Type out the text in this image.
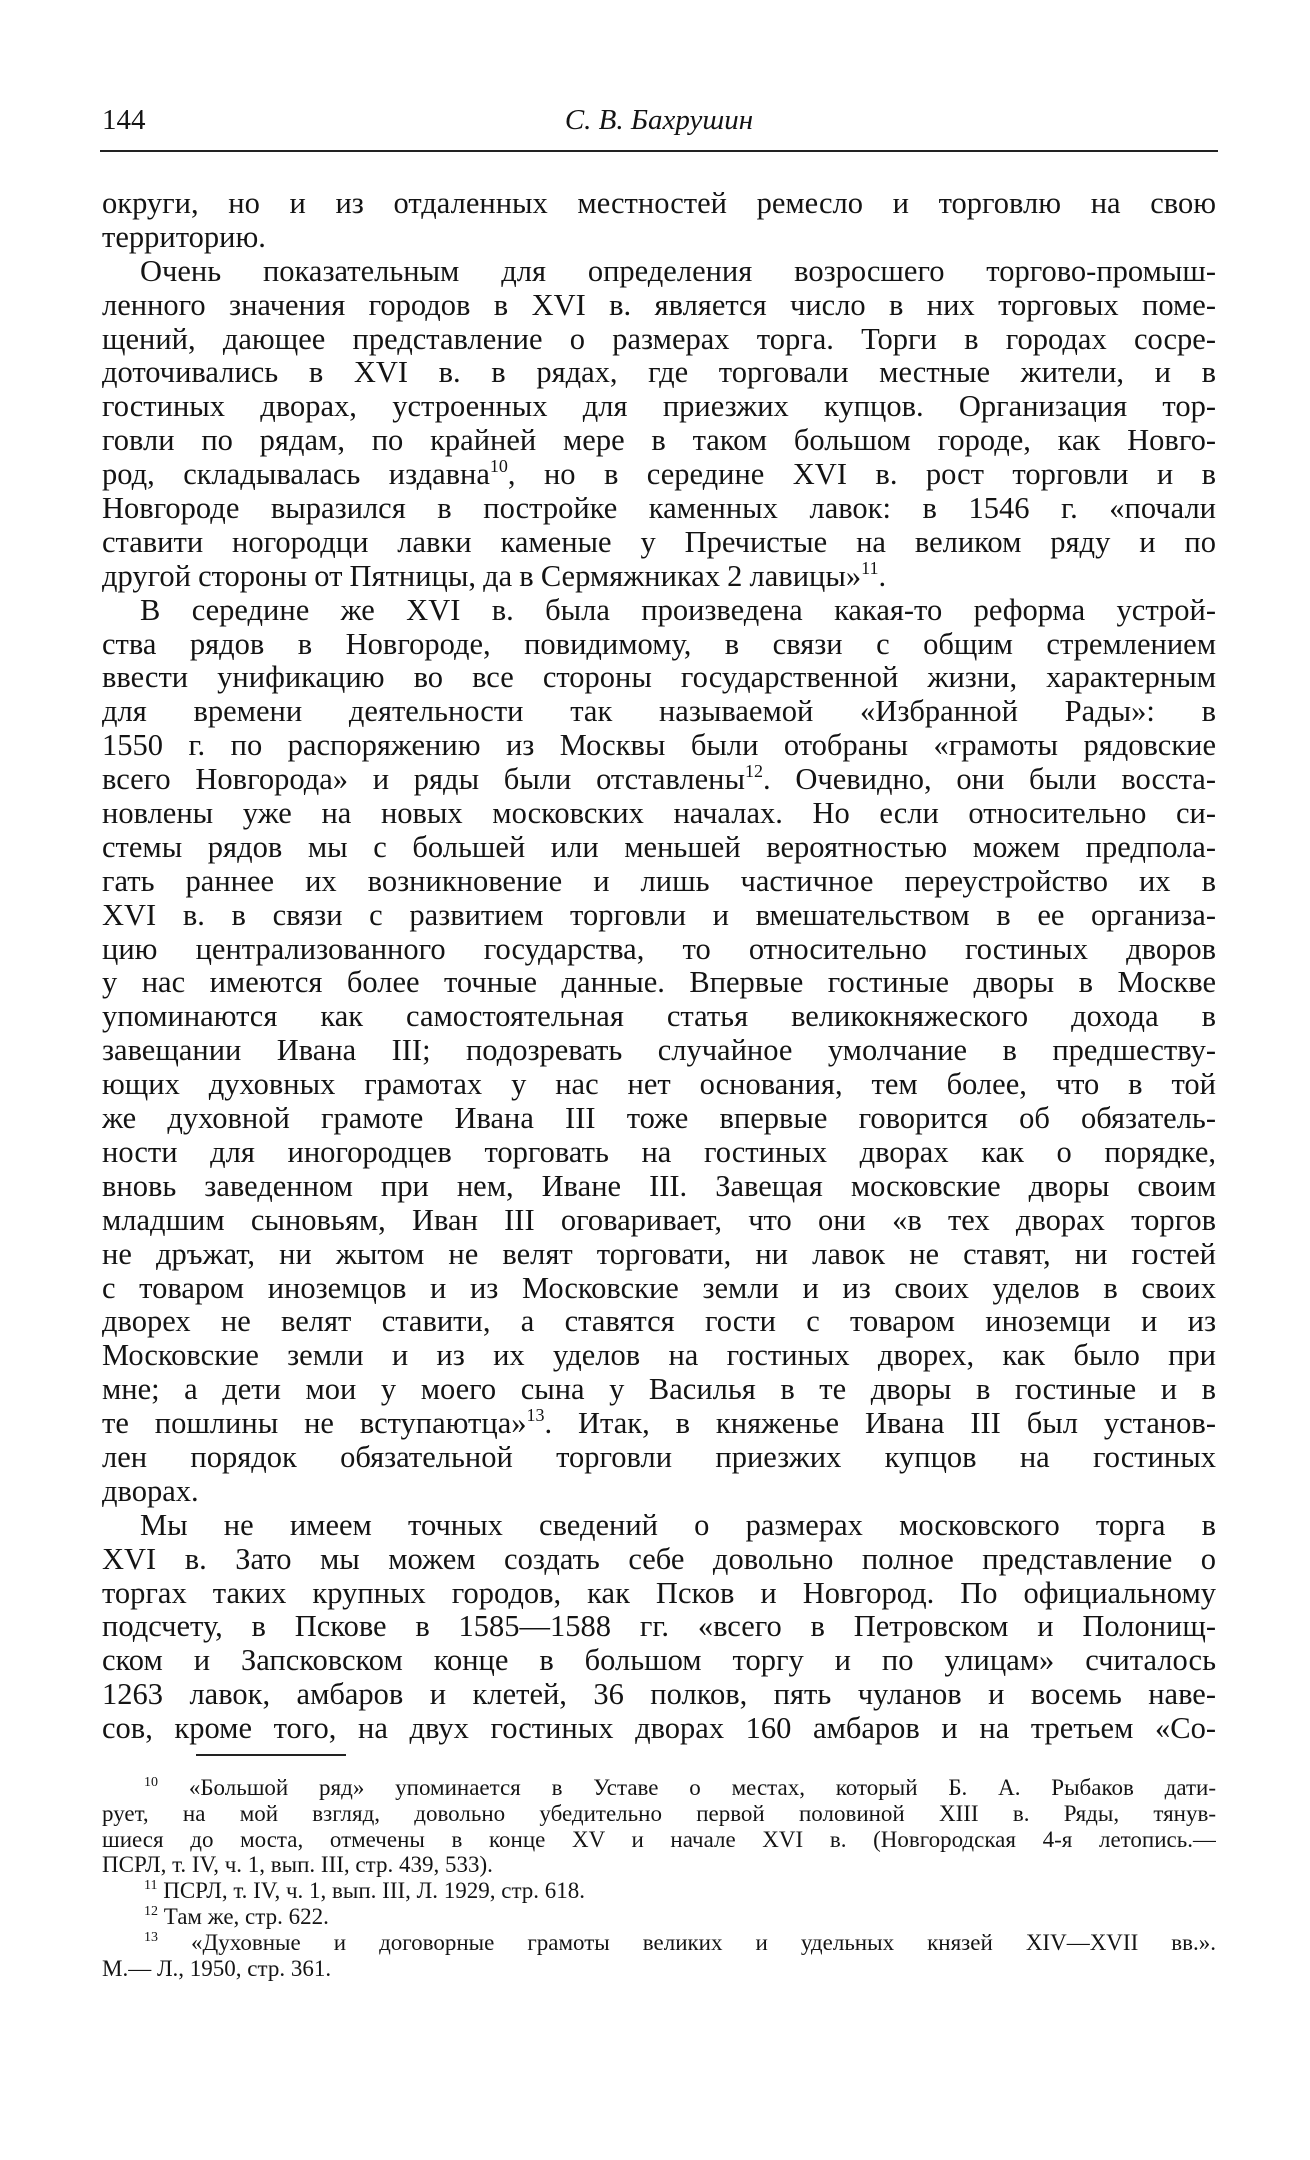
144	С. В. Бахрушин
округи, но и из отдаленных местностей ремесло и торговлю на свою
территорию.
Очень показательным для определения возросшего торгово-промыш-
ленного значения городов в XVI в. является число в них торговых поме-
щений, дающее представление о размерах торга. Торги в городах сосре-
доточивались в XVI в. в рядах, где торговали местные жители, и в
гостиных дворах, устроенных для приезжих купцов. Организация тор-
говли по рядам, по крайней мере в таком большом городе, как Новго-
род, складывалась издавна$^{10}$, но в середине XVI в. рост торговли и в
Новгороде выразился в постройке каменных лавок: в 1546 г. «почали
ставити ногородци лавки каменые у Пречистые на великом ряду и по
другой стороны от Пятницы, да в Сермяжниках 2 лавицы»$^{11}$.
В середине же XVI в. была произведена какая-то реформа устрой-
ства рядов в Новгороде, повидимому, в связи с общим стремлением
ввести унификацию во все стороны государственной жизни, характерным
для времени деятельности так называемой «Избранной Рады»: в
1550 г. по распоряжению из Москвы были отобраны «грамоты рядовские
всего Новгорода» и ряды были отставлены$^{12}$. Очевидно, они были восста-
новлены уже на новых московских началах. Но если относительно си-
стемы рядов мы с большей или меньшей вероятностью можем предпола-
гать раннее их возникновение и лишь частичное переустройство их в
XVI в. в связи с развитием торговли и вмешательством в ее организа-
цию централизованного государства, то относительно гостиных дворов
у нас имеются более точные данные. Впервые гостиные дворы в Москве
упоминаются как самостоятельная статья великокняжеского дохода в
завещании Ивана III; подозревать случайное умолчание в предшеству-
ющих духовных грамотах у нас нет основания, тем более, что в той
же духовной грамоте Ивана III тоже впервые говорится об обязатель-
ности для иногородцев торговать на гостиных дворах как о порядке,
вновь заведенном при нем, Иване III. Завещая московские дворы своим
младшим сыновьям, Иван III оговаривает, что они «в тех дворах торгов
не дръжат, ни жытом не велят торговати, ни лавок не ставят, ни гостей
с товаром иноземцов и из Московские земли и из своих уделов в своих
дворех не велят ставити, а ставятся гости с товаром иноземци и из
Московские земли и из их уделов на гостиных дворех, как было при
мне; а дети мои у моего сына у Василья в те дворы в гостиные и в
те пошлины не вступаютца»$^{13}$. Итак, в княженье Ивана III был установ-
лен порядок обязательной торговли приезжих купцов на гостиных
дворах.
Мы не имеем точных сведений о размерах московского торга в
XVI в. Зато мы можем создать себе довольно полное представление о
торгах таких крупных городов, как Псков и Новгород. По официальному
подсчету, в Пскове в 1585—1588 гг. «всего в Петровском и Полонищ-
ском и Запсковском конце в большом торгу и по улицам» считалось
1263 лавок, амбаров и клетей, 36 полков, пять чуланов и восемь наве-
сов, кроме того, на двух гостиных дворах 160 амбаров и на третьем «Со-
$^{10}$ «Большой ряд» упоминается в Уставе о местах, который Б. А. Рыбаков дати-
рует, на мой взгляд, довольно убедительно первой половиной XIII в. Ряды, тянув-
шиеся до моста, отмечены в конце XV и начале XVI в. (Новгородская 4-я летопись.—
ПСРЛ, т. IV, ч. 1, вып. III, стр. 439, 533).
$^{11}$ ПСРЛ, т. IV, ч. 1, вып. III, Л. 1929, стр. 618.
$^{12}$ Там же, стр. 622.
$^{13}$ «Духовные и договорные грамоты великих и удельных князей XIV—XVII вв.».
М.— Л., 1950, стр. 361.
